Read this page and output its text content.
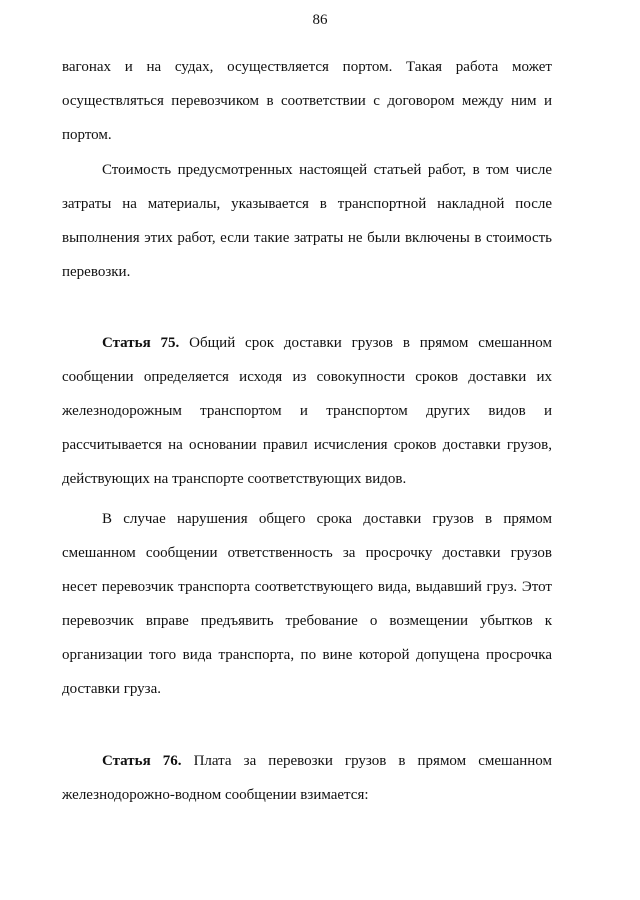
86

вагонах и на судах, осуществляется портом. Такая работа может осуществляться перевозчиком в соответствии с договором между ним и портом.

Стоимость предусмотренных настоящей статьей работ, в том числе затраты на материалы, указывается в транспортной накладной после выполнения этих работ, если такие затраты не были включены в стоимость перевозки.

Статья 75. Общий срок доставки грузов в прямом смешанном сообщении определяется исходя из совокупности сроков доставки их железнодорожным транспортом и транспортом других видов и рассчитывается на основании правил исчисления сроков доставки грузов, действующих на транспорте соответствующих видов.

В случае нарушения общего срока доставки грузов в прямом смешанном сообщении ответственность за просрочку доставки грузов несет перевозчик транспорта соответствующего вида, выдавший груз. Этот перевозчик вправе предъявить требование о возмещении убытков к организации того вида транспорта, по вине которой допущена просрочка доставки груза.

Статья 76. Плата за перевозки грузов в прямом смешанном железнодорожно-водном сообщении взимается:
